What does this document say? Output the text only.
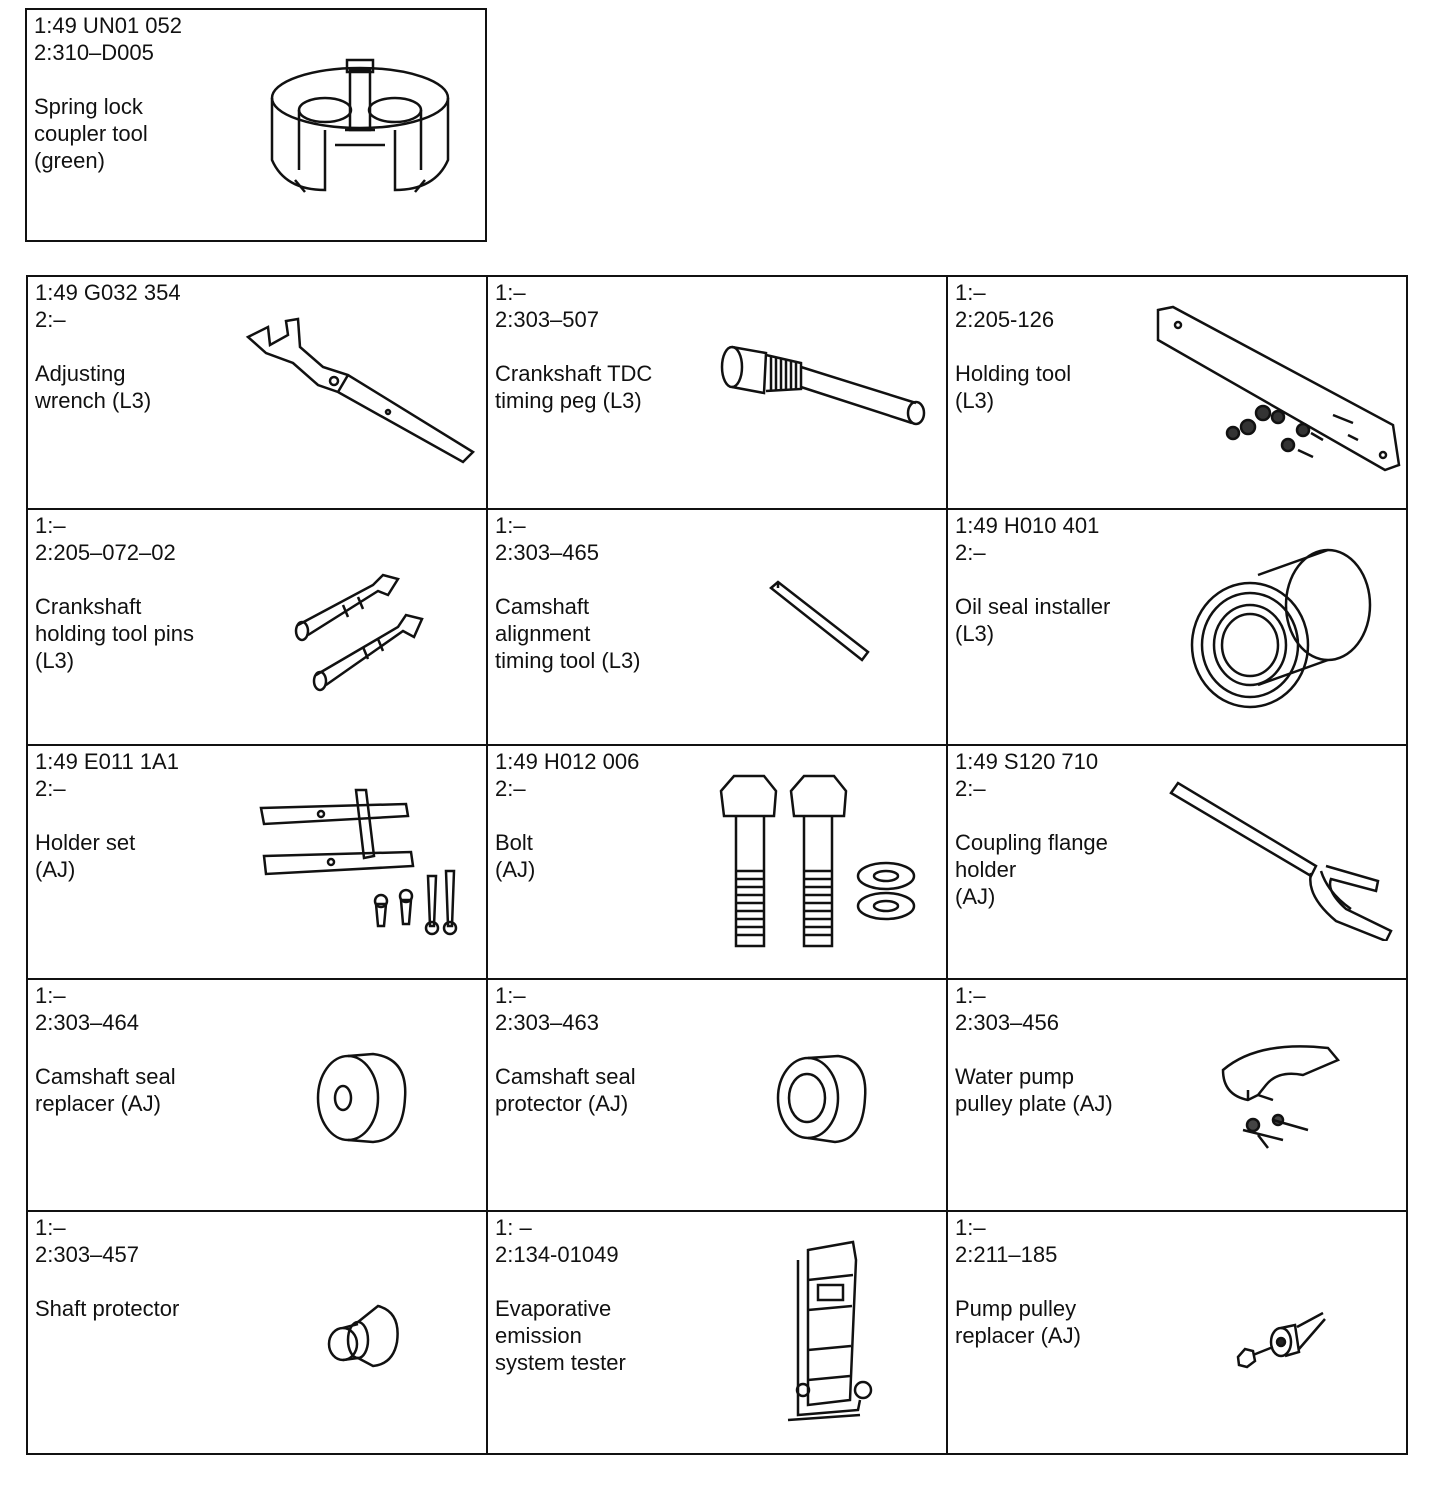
1:49 UN01 052
2:310–D005
Spring lock
coupler tool
(green)
1:49 G032 354
2:–
Adjusting
wrench (L3)
1:–
2:303–507
Crankshaft TDC
timing peg (L3)
1:–
2:205-126
Holding tool
(L3)
1:–
2:205–072–02
Crankshaft
holding tool pins
(L3)
1:–
2:303–465
Camshaft
alignment
timing tool (L3)
1:49 H010 401
2:–
Oil seal installer
(L3)
1:49 E011 1A1
2:–
Holder set
(AJ)
1:49 H012 006
2:–
Bolt
(AJ)
1:49 S120 710
2:–
Coupling flange
holder
(AJ)
1:–
2:303–464
Camshaft seal
replacer (AJ)
1:–
2:303–463
Camshaft seal
protector (AJ)
1:–
2:303–456
Water pump
pulley plate (AJ)
1:–
2:303–457
Shaft protector
1: –
2:134-01049
Evaporative
emission
system tester
1:–
2:211–185
Pump pulley
replacer (AJ)
